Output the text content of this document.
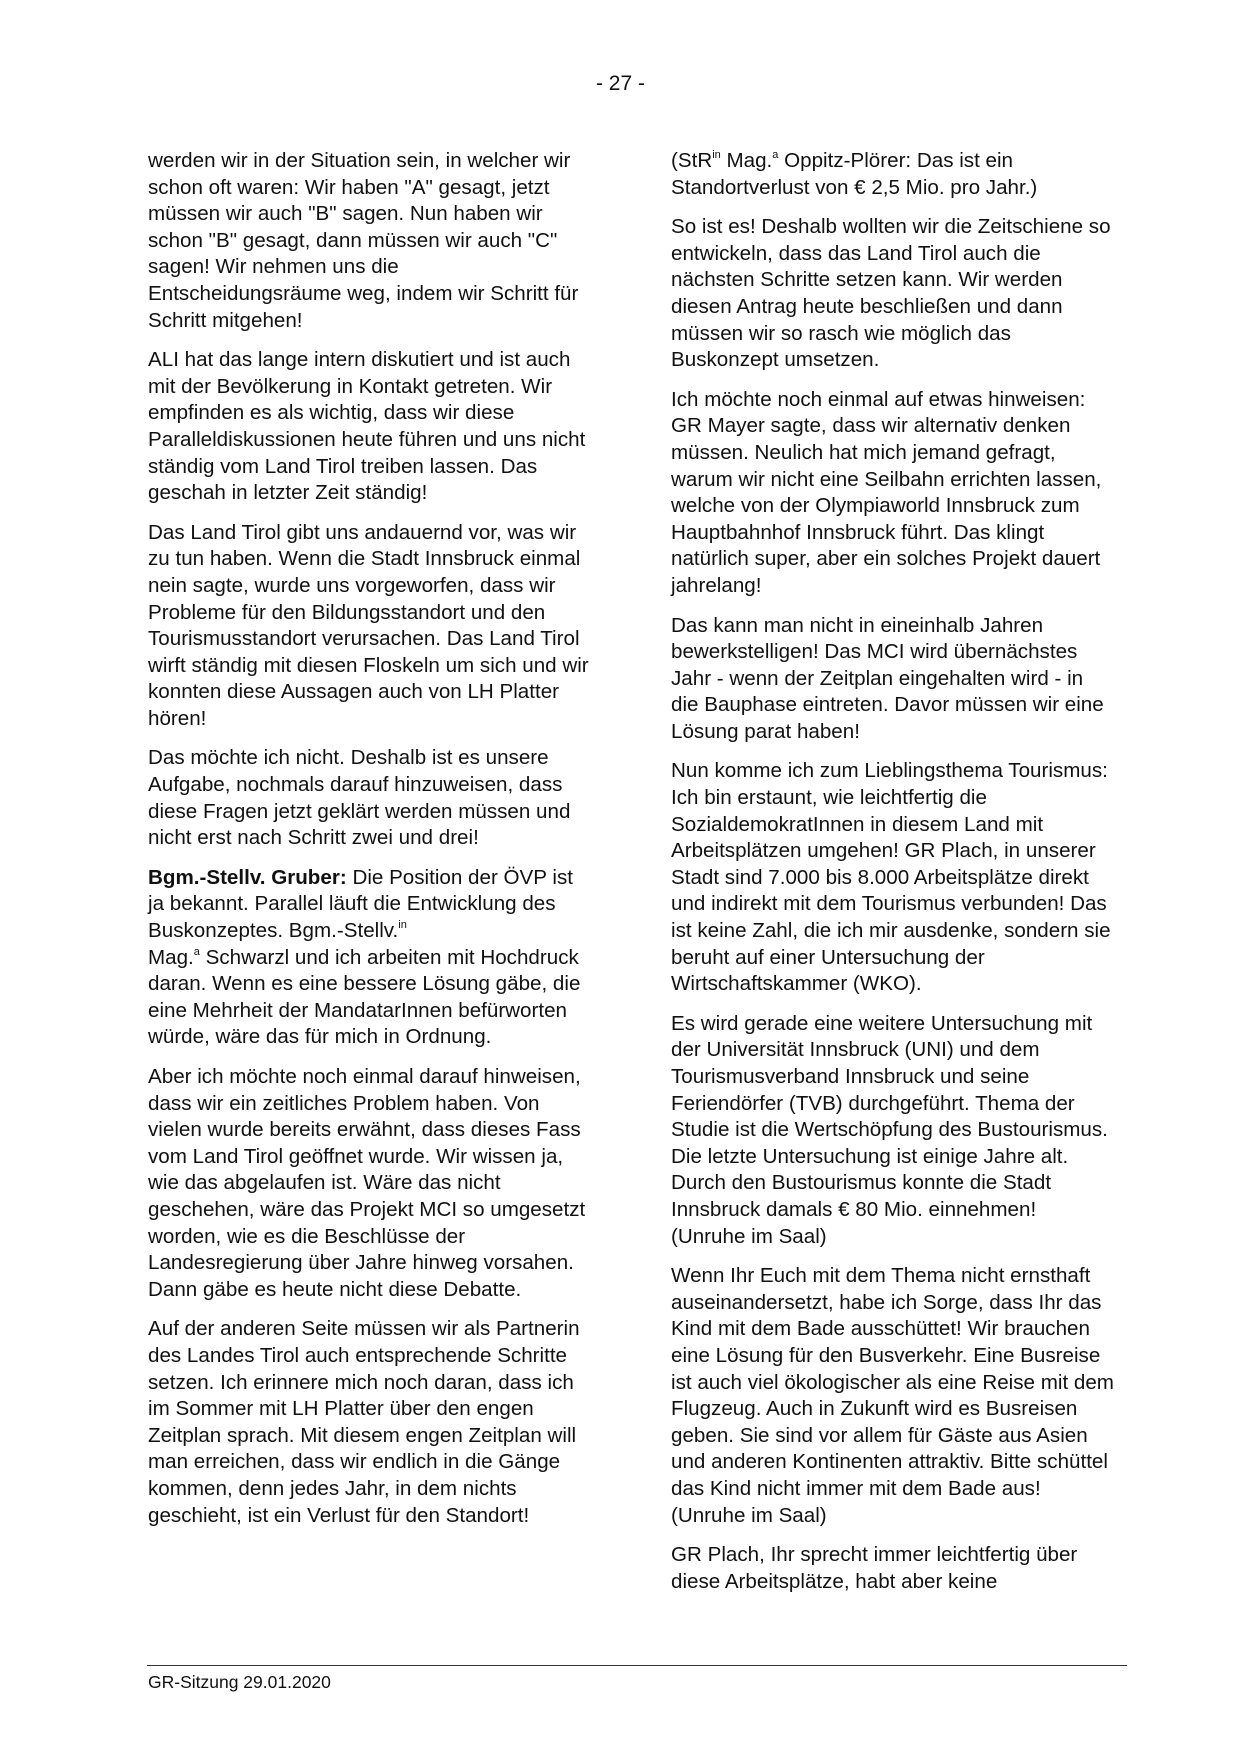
- 27 -

werden wir in der Situation sein, in welcher wir schon oft waren: Wir haben "A" gesagt, jetzt müssen wir auch "B" sagen. Nun haben wir schon "B" gesagt, dann müssen wir auch "C" sagen! Wir nehmen uns die Entscheidungsräume weg, indem wir Schritt für Schritt mitgehen!

ALI hat das lange intern diskutiert und ist auch mit der Bevölkerung in Kontakt getreten. Wir empfinden es als wichtig, dass wir diese Paralleldiskussionen heute führen und uns nicht ständig vom Land Tirol treiben lassen. Das geschah in letzter Zeit ständig!

Das Land Tirol gibt uns andauernd vor, was wir zu tun haben. Wenn die Stadt Innsbruck einmal nein sagte, wurde uns vorgeworfen, dass wir Probleme für den Bildungsstandort und den Tourismusstandort verursachen. Das Land Tirol wirft ständig mit diesen Floskeln um sich und wir konnten diese Aussagen auch von LH Platter hören!

Das möchte ich nicht. Deshalb ist es unsere Aufgabe, nochmals darauf hinzuweisen, dass diese Fragen jetzt geklärt werden müssen und nicht erst nach Schritt zwei und drei!

Bgm.-Stellv. Gruber: Die Position der ÖVP ist ja bekannt. Parallel läuft die Entwicklung des Buskonzeptes. Bgm.-Stellv.$^{in}$
Mag.$^a$ Schwarzl und ich arbeiten mit Hochdruck daran. Wenn es eine bessere Lösung gäbe, die eine Mehrheit der MandatarInnen befürworten würde, wäre das für mich in Ordnung.

Aber ich möchte noch einmal darauf hinweisen, dass wir ein zeitliches Problem haben. Von vielen wurde bereits erwähnt, dass dieses Fass vom Land Tirol geöffnet wurde. Wir wissen ja, wie das abgelaufen ist. Wäre das nicht geschehen, wäre das Projekt MCI so umgesetzt worden, wie es die Beschlüsse der Landesregierung über Jahre hinweg vorsahen. Dann gäbe es heute nicht diese Debatte.

Auf der anderen Seite müssen wir als Partnerin des Landes Tirol auch entsprechende Schritte setzen. Ich erinnere mich noch daran, dass ich im Sommer mit LH Platter über den engen Zeitplan sprach. Mit diesem engen Zeitplan will man erreichen, dass wir endlich in die Gänge kommen, denn jedes Jahr, in dem nichts geschieht, ist ein Verlust für den Standort!

(StR$^{in}$ Mag.$^a$ Oppitz-Plörer: Das ist ein Standortverlust von € 2,5 Mio. pro Jahr.)

So ist es! Deshalb wollten wir die Zeitschiene so entwickeln, dass das Land Tirol auch die nächsten Schritte setzen kann. Wir werden diesen Antrag heute beschließen und dann müssen wir so rasch wie möglich das Buskonzept umsetzen.

Ich möchte noch einmal auf etwas hinweisen: GR Mayer sagte, dass wir alternativ denken müssen. Neulich hat mich jemand gefragt, warum wir nicht eine Seilbahn errichten lassen, welche von der Olympiaworld Innsbruck zum Hauptbahnhof Innsbruck führt. Das klingt natürlich super, aber ein solches Projekt dauert jahrelang!

Das kann man nicht in eineinhalb Jahren bewerkstelligen! Das MCI wird übernächstes Jahr - wenn der Zeitplan eingehalten wird - in die Bauphase eintreten. Davor müssen wir eine Lösung parat haben!

Nun komme ich zum Lieblingsthema Tourismus: Ich bin erstaunt, wie leichtfertig die SozialdemokratInnen in diesem Land mit Arbeitsplätzen umgehen! GR Plach, in unserer Stadt sind 7.000 bis 8.000 Arbeitsplätze direkt und indirekt mit dem Tourismus verbunden! Das ist keine Zahl, die ich mir ausdenke, sondern sie beruht auf einer Untersuchung der Wirtschaftskammer (WKO).

Es wird gerade eine weitere Untersuchung mit der Universität Innsbruck (UNI) und dem Tourismusverband Innsbruck und seine Feriendörfer (TVB) durchgeführt. Thema der Studie ist die Wertschöpfung des Bustourismus. Die letzte Untersuchung ist einige Jahre alt. Durch den Bustourismus konnte die Stadt Innsbruck damals € 80 Mio. einnehmen! (Unruhe im Saal)

Wenn Ihr Euch mit dem Thema nicht ernsthaft auseinandersetzt, habe ich Sorge, dass Ihr das Kind mit dem Bade ausschüttet! Wir brauchen eine Lösung für den Busverkehr. Eine Busreise ist auch viel ökologischer als eine Reise mit dem Flugzeug. Auch in Zukunft wird es Busreisen geben. Sie sind vor allem für Gäste aus Asien und anderen Kontinenten attraktiv. Bitte schüttel das Kind nicht immer mit dem Bade aus! (Unruhe im Saal)

GR Plach, Ihr sprecht immer leichtfertig über diese Arbeitsplätze, habt aber keine

GR-Sitzung 29.01.2020
